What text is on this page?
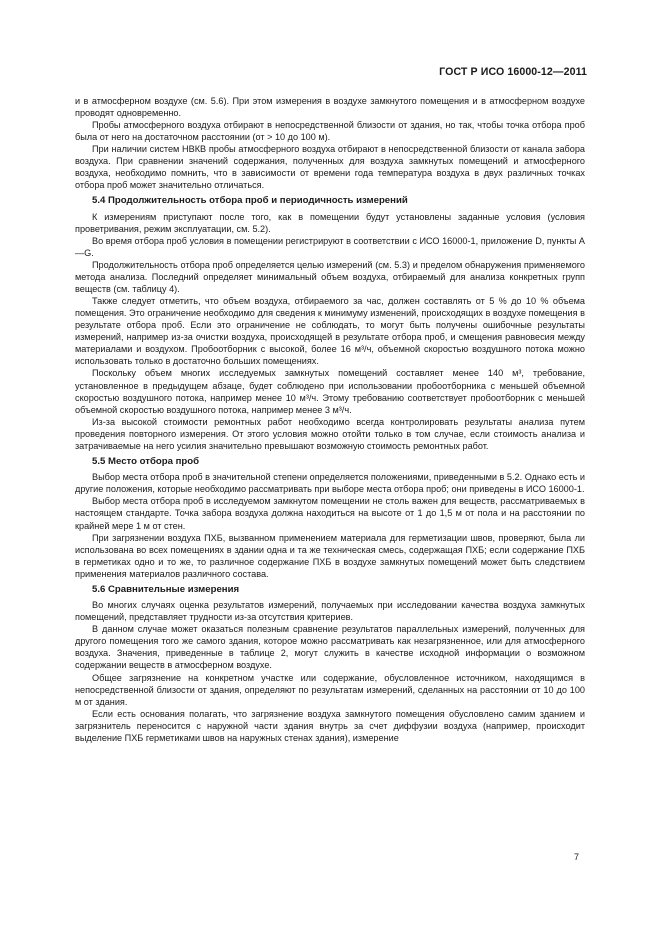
ГОСТ Р ИСО 16000-12—2011

и в атмосферном воздухе (см. 5.6). При этом измерения в воздухе замкнутого помещения и в атмосферном воздухе проводят одновременно.

Пробы атмосферного воздуха отбирают в непосредственной близости от здания, но так, чтобы точка отбора проб была от него на достаточном расстоянии (от > 10 до 100 м).

При наличии систем НВКВ пробы атмосферного воздуха отбирают в непосредственной близости от канала забора воздуха. При сравнении значений содержания, полученных для воздуха замкнутых помещений и атмосферного воздуха, необходимо помнить, что в зависимости от времени года температура воздуха в двух различных точках отбора проб может значительно отличаться.

5.4 Продолжительность отбора проб и периодичность измерений

К измерениям приступают после того, как в помещении будут установлены заданные условия (условия проветривания, режим эксплуатации, см. 5.2).

Во время отбора проб условия в помещении регистрируют в соответствии с ИСО 16000-1, приложение D, пункты А—G.

Продолжительность отбора проб определяется целью измерений (см. 5.3) и пределом обнаружения применяемого метода анализа. Последний определяет минимальный объем воздуха, отбираемый для анализа конкретных групп веществ (см. таблицу 4).

Также следует отметить, что объем воздуха, отбираемого за час, должен составлять от 5 % до 10 % объема помещения. Это ограничение необходимо для сведения к минимуму изменений, происходящих в воздухе помещения в результате отбора проб. Если это ограничение не соблюдать, то могут быть получены ошибочные результаты измерений, например из-за очистки воздуха, происходящей в результате отбора проб, и смещения равновесия между материалами и воздухом. Пробоотборник с высокой, более 16 м³/ч, объемной скоростью воздушного потока можно использовать только в достаточно больших помещениях.

Поскольку объем многих исследуемых замкнутых помещений составляет менее 140 м³, требование, установленное в предыдущем абзаце, будет соблюдено при использовании пробоотборника с меньшей объемной скоростью воздушного потока, например менее 10 м³/ч. Этому требованию соответствует пробоотборник с меньшей объемной скоростью воздушного потока, например менее 3 м³/ч.

Из-за высокой стоимости ремонтных работ необходимо всегда контролировать результаты анализа путем проведения повторного измерения. От этого условия можно отойти только в том случае, если стоимость анализа и затрачиваемые на него усилия значительно превышают возможную стоимость ремонтных работ.

5.5 Место отбора проб

Выбор места отбора проб в значительной степени определяется положениями, приведенными в 5.2. Однако есть и другие положения, которые необходимо рассматривать при выборе места отбора проб; они приведены в ИСО 16000-1.

Выбор места отбора проб в исследуемом замкнутом помещении не столь важен для веществ, рассматриваемых в настоящем стандарте. Точка забора воздуха должна находиться на высоте от 1 до 1,5 м от пола и на расстоянии по крайней мере 1 м от стен.

При загрязнении воздуха ПХБ, вызванном применением материала для герметизации швов, проверяют, была ли использована во всех помещениях в здании одна и та же техническая смесь, содержащая ПХБ; если содержание ПХБ в герметиках одно и то же, то различное содержание ПХБ в воздухе замкнутых помещений может быть следствием применения материалов различного состава.

5.6 Сравнительные измерения

Во многих случаях оценка результатов измерений, получаемых при исследовании качества воздуха замкнутых помещений, представляет трудности из-за отсутствия критериев.

В данном случае может оказаться полезным сравнение результатов параллельных измерений, полученных для другого помещения того же самого здания, которое можно рассматривать как незагрязненное, или для атмосферного воздуха. Значения, приведенные в таблице 2, могут служить в качестве исходной информации о возможном содержании веществ в атмосферном воздухе.

Общее загрязнение на конкретном участке или содержание, обусловленное источником, находящимся в непосредственной близости от здания, определяют по результатам измерений, сделанных на расстоянии от 10 до 100 м от здания.

Если есть основания полагать, что загрязнение воздуха замкнутого помещения обусловлено самим зданием и загрязнитель переносится с наружной части здания внутрь за счет диффузии воздуха (например, происходит выделение ПХБ герметиками швов на наружных стенах здания), измерение

7
